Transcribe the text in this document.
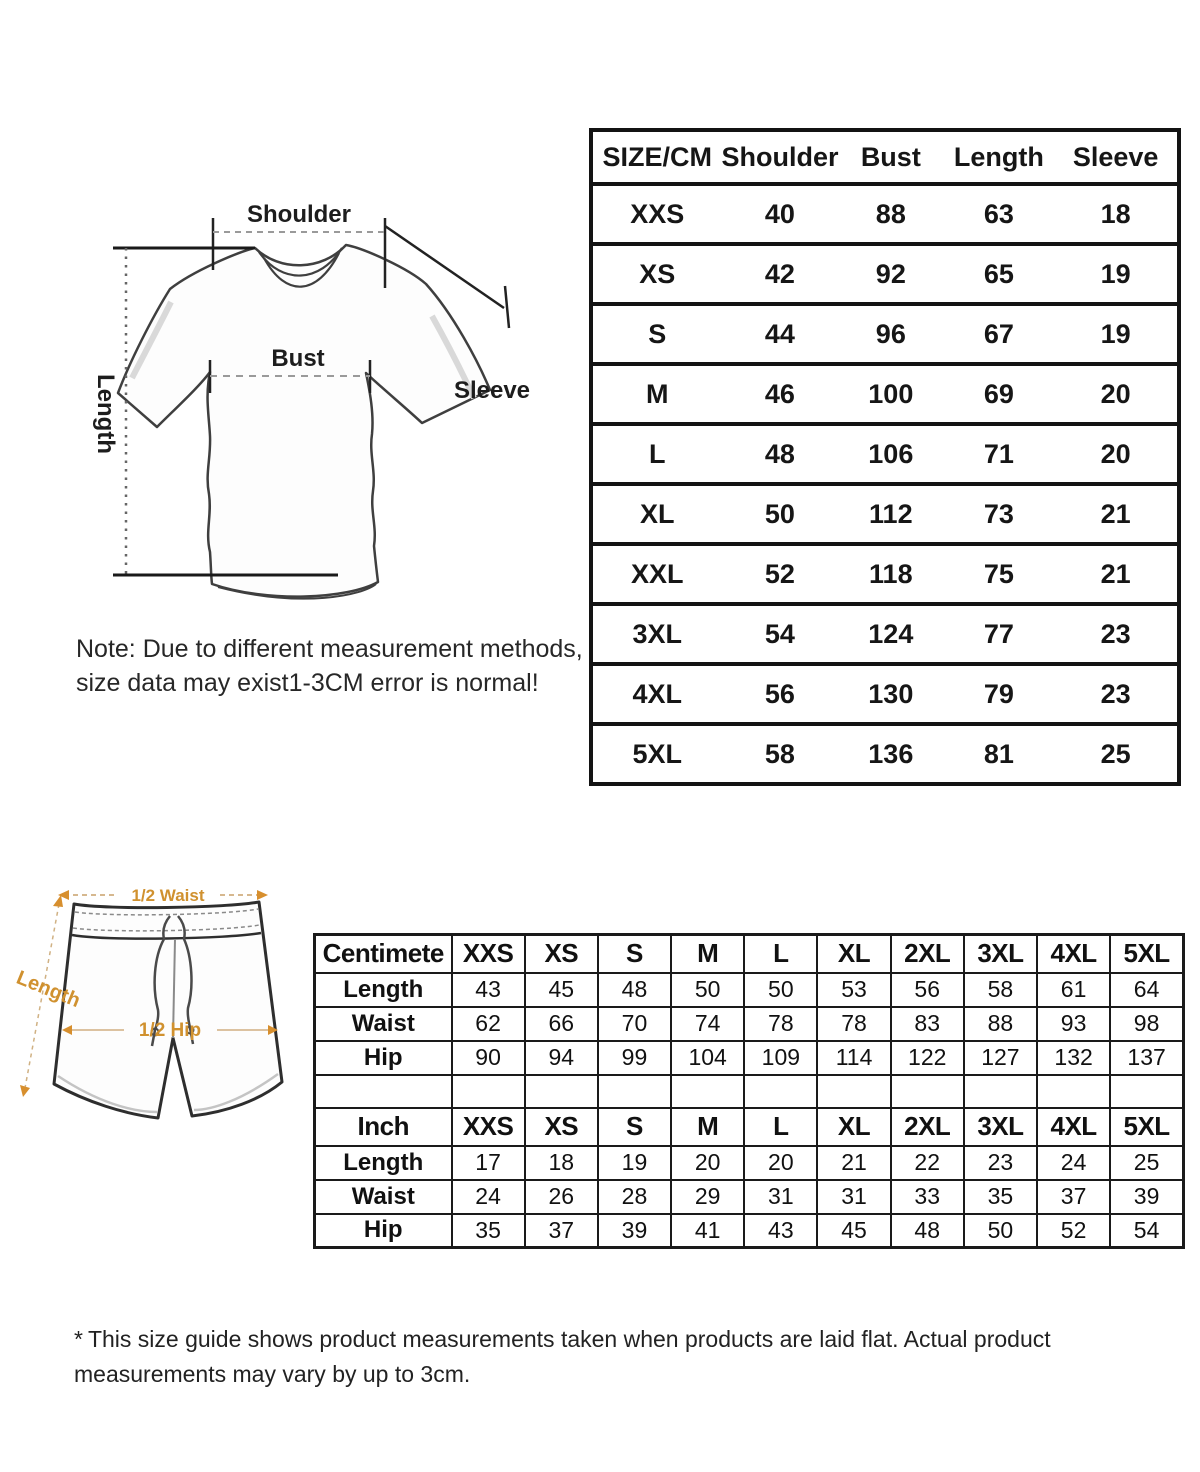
Shoulder
Length
Bust
Sleeve
Note: Due to different measurement methods,
size data may exist1-3CM error is normal!
SIZE/CM	Shoulder	Bust	Length	Sleeve
XXS	40	88	63	18
XS	42	92	65	19
S	44	96	67	19
M	46	100	69	20
L	48	106	71	20
XL	50	112	73	21
XXL	52	118	75	21
3XL	54	124	77	23
4XL	56	130	79	23
5XL	58	136	81	25
1/2 Waist
Length
1/2 Hip
Centimete	XXS	XS	S	M	L	XL	2XL	3XL	4XL	5XL
Length	43	45	48	50	50	53	56	58	61	64
Waist	62	66	70	74	78	78	83	88	93	98
Hip	90	94	99	104	109	114	122	127	132	137

Inch	XXS	XS	S	M	L	XL	2XL	3XL	4XL	5XL
Length	17	18	19	20	20	21	22	23	24	25
Waist	24	26	28	29	31	31	33	35	37	39
Hip	35	37	39	41	43	45	48	50	52	54
* This size guide shows product measurements taken when products are laid flat. Actual product measurements may vary by up to 3cm.
